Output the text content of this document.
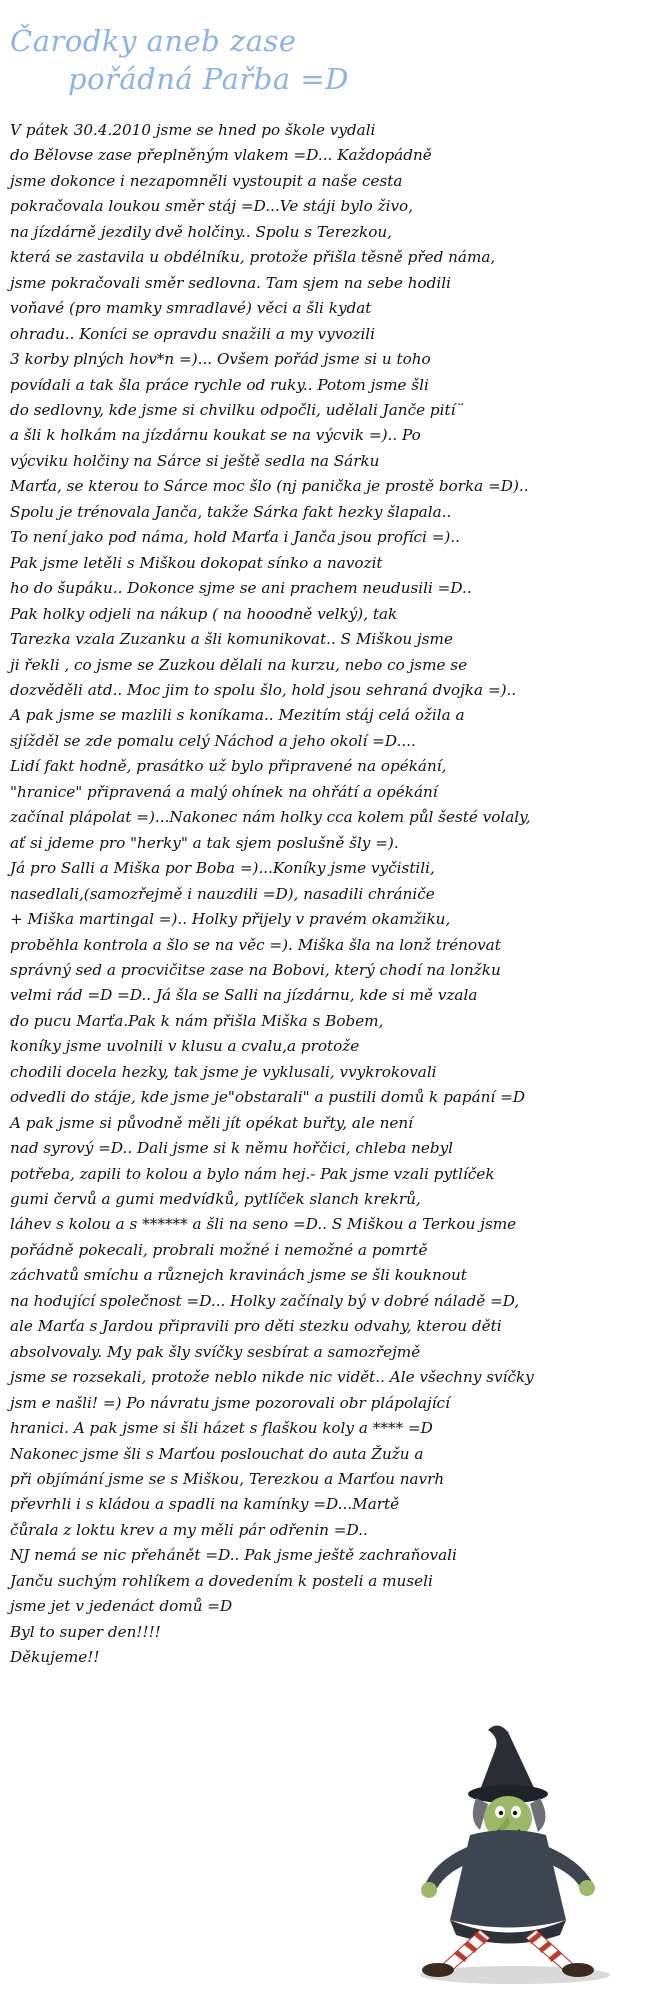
Čarodky aneb zase
pořádná Pařba =D
V pátek 30.4.2010 jsme se hned po škole vydali
do Bělovse zase přeplněným vlakem =D... Každopádně
jsme dokonce i nezapomněli vystoupit a naše cesta
pokračovala loukou směr stáj =D...Ve stáji bylo živo,
na jízdárně jezdily dvě holčiny.. Spolu s Terezkou,
která se zastavila u obdélníku, protože přišla těsně před náma,
jsme pokračovali směr sedlovna. Tam sjem na sebe hodili
voňavé (pro mamky smradlavé) věci a šli kydat
ohradu.. Koníci se opravdu snažili a my vyvozili
3 korby plných hov*n =)... Ovšem pořád jsme si u toho
povídali a tak šla práce rychle od ruky.. Potom jsme šli
do sedlovny, kde jsme si chvilku odpočli, udělali Janče pití¨
a šli k holkám na jízdárnu koukat se na výcvik =).. Po
výcviku holčiny na Sárce si ještě sedla na Sárku
Marťa, se kterou to Sárce moc šlo (nj panička je prostě borka =D)..
Spolu je trénovala Janča, takže Sárka fakt hezky šlapala..
To není jako pod náma, hold Marťa i Janča jsou profíci =)..
Pak jsme letěli s Miškou dokopat sínko a navozit
ho do šupáku.. Dokonce sjme se ani prachem neudusili =D..
Pak holky odjeli na nákup ( na hooodně velký), tak
Tarezka vzala Zuzanku a šli komunikovat.. S Miškou jsme
ji řekli , co jsme se Zuzkou dělali na kurzu, nebo co jsme se
dozvěděli atd.. Moc jim to spolu šlo, hold jsou sehraná dvojka =)..
A pak jsme se mazlili s koníkama.. Mezitím stáj celá ožila a
sjížděl se zde pomalu celý Náchod a jeho okolí =D....
Lidí fakt hodně, prasátko už bylo připravené na opékání,
"hranice" připravená a malý ohínek na ohřátí a opékání
začínal plápolat =)...Nakonec nám holky cca kolem půl šesté volaly,
ať si jdeme pro "herky" a tak sjem poslušně šly =).
Já pro Salli a Miška por Boba =)...Koníky jsme vyčistili,
nasedlali,(samozřejmě i nauzdili =D), nasadili chrániče
+ Miška martingal =).. Holky přijely v pravém okamžiku,
proběhla kontrola a šlo se na věc =). Miška šla na lonž trénovat
správný sed a procvičitse zase na Bobovi, který chodí na lonžku
velmi rád =D =D.. Já šla se Salli na jízdárnu, kde si mě vzala
do pucu Marťa.Pak k nám přišla Miška s Bobem,
koníky jsme uvolnili v klusu a cvalu,a protože
chodili docela hezky, tak jsme je vyklusali, vvykrokovali
odvedli do stáje, kde jsme je"obstarali" a pustili domů k papání =D
A pak jsme si původně měli jít opékat buřty, ale není
nad syrový =D.. Dali jsme si k němu hořčici, chleba nebyl
potřeba, zapili to kolou a bylo nám hej.- Pak jsme vzali pytlíček
gumi červů a gumi medvídků, pytlíček slanch krekrů,
láhev s kolou a s ****** a šli na seno =D.. S Miškou a Terkou jsme
pořádně pokecali, probrali možné i nemožné a pomrtě
záchvatů smíchu a různejch kravinách jsme se šli kouknout
na hodující společnost =D... Holky začínaly bý v dobré náladě =D,
ale Marťa s Jardou připravili pro děti stezku odvahy, kterou děti
absolvovaly. My pak šly svíčky sesbírat a samozřejmě
jsme se rozsekali, protože neblo nikde nic vidět.. Ale všechny svíčky
jsm e našli! =) Po návratu jsme pozorovali obr plápolající
hranici. A pak jsme si šli házet s flaškou koly a **** =D
Nakonec jsme šli s Marťou poslouchat do auta Žužu a
při objímání jsme se s Miškou, Terezkou a Marťou navrh
převrhli i s kládou a spadli na kamínky =D...Martě
čůrala z loktu krev a my měli pár odřenin =D..
NJ nemá se nic přehánět =D.. Pak jsme ještě zachraňovali
Janču suchým rohlíkem a dovedením k posteli a museli
jsme jet v jedenáct domů =D
Byl to super den!!!!
Děkujeme!!
